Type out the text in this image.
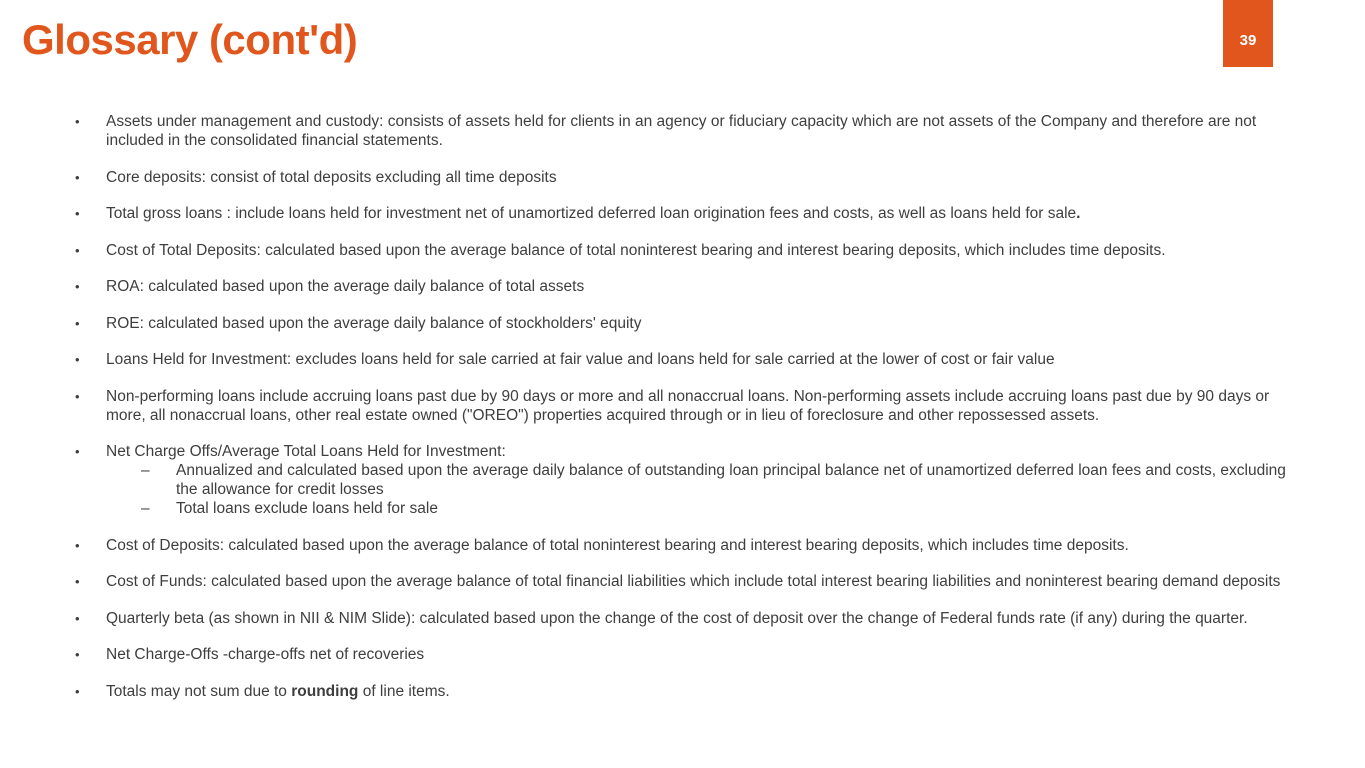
Glossary (cont'd)	39
•	Assets under management and custody: consists of assets held for clients in an agency or fiduciary capacity which are not assets of the Company and therefore are not included in the consolidated financial statements.
•	Core deposits: consist of total deposits excluding all time deposits
•	Total gross loans : include loans held for investment net of unamortized deferred loan origination fees and costs, as well as loans held for sale.
•	Cost of Total Deposits: calculated based upon the average balance of total noninterest bearing and interest bearing deposits, which includes time deposits.
•	ROA: calculated based upon the average daily balance of total assets
•	ROE: calculated based upon the average daily balance of stockholders' equity
•	Loans Held for Investment: excludes loans held for sale carried at fair value and loans held for sale carried at the lower of cost or fair value
•	Non-performing loans include accruing loans past due by 90 days or more and all nonaccrual loans. Non-performing assets include accruing loans past due by 90 days or more, all nonaccrual loans, other real estate owned ("OREO") properties acquired through or in lieu of foreclosure and other repossessed assets.
•	Net Charge Offs/Average Total Loans Held for Investment:
–	Annualized and calculated based upon the average daily balance of outstanding loan principal balance net of unamortized deferred loan fees and costs, excluding the allowance for credit losses
–	Total loans exclude loans held for sale
•	Cost of Deposits: calculated based upon the average balance of total noninterest bearing and interest bearing deposits, which includes time deposits.
•	Cost of Funds: calculated based upon the average balance of total financial liabilities which include total interest bearing liabilities and noninterest bearing demand deposits
•	Quarterly beta (as shown in NII & NIM Slide): calculated based upon the change of the cost of deposit over the change of Federal funds rate (if any) during the quarter.
•	Net Charge-Offs -charge-offs net of recoveries
•	Totals may not sum due to rounding of line items.
